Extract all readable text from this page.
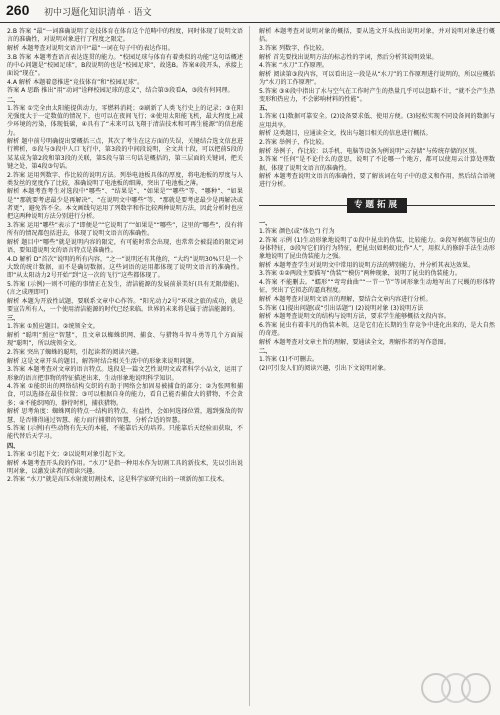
260 初中习题化知识清单 · 语文

2.B 答案 “最”一词准确说明了竞技体育在体育这个范畴中的程度，同时体现了说明文语言的准确性，对说明对象进行了程度之限定。

解析 本题考查对说明文语言中“最”一词在句子中的表达作用。

3.B 答案 本题考查语言表达连贯的能力。“校园足球与体育有着类似的功能”这句话概述的中心问题是“校园足球”，B段说明的也是“校园足球”，故选B。答案④段开头，承接上面说“现在”。

4.A 解析 本题着意推进“竞技体育”和“校园足球”。

答案 A 思路 推出“用“动词”诠释校园足球的意义”，结合第③段看A，③段有何同理。

二、

1.答案 ①完全由太阳能提供动力，零燃料消耗；②刷新了人类飞行史上的记录；③在阳光强度大于一定数值的情况下，也可以在夜间飞行；④使用太阳能飞机，最大程度上减少环境的污染，体现低碳，④具有了“未来可以飞翔于清洁技术和可再生能源”的信息能力。

解析 题中前号明确提出要概括三点，其次了考生在这方面的失误，关键结合选文信息进行辨析，⑤段与③段中人口飞行中，第3段的中间段说明，全文共十段，可以把前5段的某某成为第2段和第3段的关联，第5段与第三句话是概括的，第三层面的关键词，把关键之处，第4段③句话。

2.答案 运用列数字、作比较的说明方法。列举电池板具体的厚度，将电池板的厚度与人类发丝的宽度作了比较，准确说明了电池板的细薄，突出了电池板之薄。

解析 本题考查考生对选段中“哪些”、“结果是”、“如果是”“哪些”等、“哪种”、“如果是”“那就要考虑最少是再解决”、“在说明文中哪些”等、“那就是要考虑最少是再解决或者更”，避免答不全。本文画线句运用了列数字和作比较两种说明方法，因此分析时也应把这两种说明方法分别进行分析。

3.答案 运用“哪些”表示了“即便是”“它说明了”“如果是”“哪些”，这里的“哪些”，没有将所有的情况都包括进去，体现了说明文语言的准确性。

解析 题目中“哪些”就是说明内容的限定，有可能时常会出现，也常常会被混淆的限定词语，要知道说明文的语言特点是准确性。

4.D 解析 D“首次”说明的所有内容，“之一”说明还有其他的，“大约”说明30%只是一个大致的统计数据，而不是确切数据。这些词语的运用都体现了说明文语言的准确性。即“从太阳动力2号开始”到“这一次的飞行”这些都体现了。

5.答案 (示例)一则不可能的事情正在发生，清洁能源的发展前景美好(具有无限潜能)。(言之成理即可)

解析 本题为开放性试题，要联系文章中心作答。“阳光动力2号”环球之旅的成功，就是要宣告所有人，一个使用清洁能源的时代已经来临。世界的未来将是属于清洁能源的。

三、

1.答案 ①照应题目。②统领全文。

解析 “聪明”照应“智慧”，且文章以蜘蛛织网、捕食、与猎物斗智斗勇等几个方面展现“聪明”，所以统领全文。

2.答案 突出了蜘蛛的聪明，引起读者的阅读兴趣。

解析 这是文章开头的题目，解答时结合相关生活中的形象来说明问题。

3.答案 本题考查对文章的语言特点。选段是一篇文艺性说明文或者科学小品文，运用了形象的语言把事物的特征描述出来，生动形象地说明科学知识。

4.答案 ①能织出的网络结构交织的有助于网络会加固易被捕食的部分；②为张网和捕食，可以选择在最佳位置；③可以根据自身的能力，看自己能否捕食大的猎物，不会贪多；④不能织网的，静待时机，捕获猎物。

解析 思考角度：蜘蛛网的特点一结构的特点，有益性，会如何选择位置，遇到强敌的智慧，是否懂得通过智慧、能力而行捕猎的智慧，分析合适的智慧。

5.答案 (示例)有些动物有先天的本能，不能靠后天的培养。只能靠后天经验而获取，不能代替后天学习。

四、

1.答案 ①引起下文；②以说明对象引起下文。

解析 本题考查开头段的作用。“水刀”是指一种用水作为切割工具的新技术，先以引出说明对象，以激发读者的阅读兴趣。

2.答案 “水刀”就是高压水射流切割技术，这是科学家研究出的一项新的加工技术。

解析 本题考查对说明对象的概括，要从选文开头找出说明对象，并对说明对象进行概括。

3.答案 列数字，作比较。

解析 首先要找出说明方法的标志性的字词，然后分析其说明效果。

4.答案 “水刀”工作原理。

解析 阅读第③段内容，可以看出这一段是从“水刀”的工作原理进行说明的，所以应概括为“水刀的工作原理”。

5.答案 ③④段中指出了水与空气在工作时产生的热量几乎可以忽略不计，“就不会产生热变形和热应力，不会影响材料的性能”。

五、

1.答案 (1)数据可靠安全。(2)设备要求低、使用方便。(3)轻松实现不同设备间的数据与应用共享。

解析 这类题目，应通读全文，找出与题目相关的信息进行概括。

2.答案 举例子，作比较。

解析 举例子，作比较：以手机、电脑等设备为例说明“云存储”与传统存储的区别。

3.答案 “任何”是不论什么的意思，说明了不论哪一个地方，都可以使用云计算处理数据，体现了说明文语言的准确性。

解析 本题考查说明文语言的准确性，要了解该词在句子中的意义和作用，然后结合语境进行分析。

专题拓展

一、

1.答案 颜色(或“体色”) 行为

2.答案 示例 (1)生动形象地说明了①段中昆虫的伪装、比较能力。②段写蚂蚁等昆虫的身体特征，③段写它们的行为特征，把昆虫(如蚂蚁)比作“人”，用拟人的修辞手法生动形象地说明了昆虫伪装能力之强。

解析 本题考查学生对说明文中常用的说明方法的辨别能力，并分析其表达效果。

3.答案 ①②两段主要描写“伪装”“模仿”两种现象，说明了昆虫的伪装能力。

4.答案 不能删去。“蠕形”“弯弯曲曲”“一节一节”等词形象生动地写出了尺蠖的形体特征，突出了它拟态的逼真程度。

解析 本题考查对说明文语言的理解，要结合文章内容进行分析。

5.答案 (1)提出问题(或“引出话题”) (2)说明对象 (3)说明方法

解析 本题考查说明文的结构与说明方法，要求学生能够概括文段内容。

6.答案 昆虫有着非凡的伪装本领，这是它们在长期的生存竞争中进化出来的，是大自然的奇迹。

解析 本题考查对文章主旨的理解，要通读全文，理解作者的写作意图。

二、

1.答案 (1)不可删去。

(2)可引发人们的阅读兴趣，引出下文说明对象。
